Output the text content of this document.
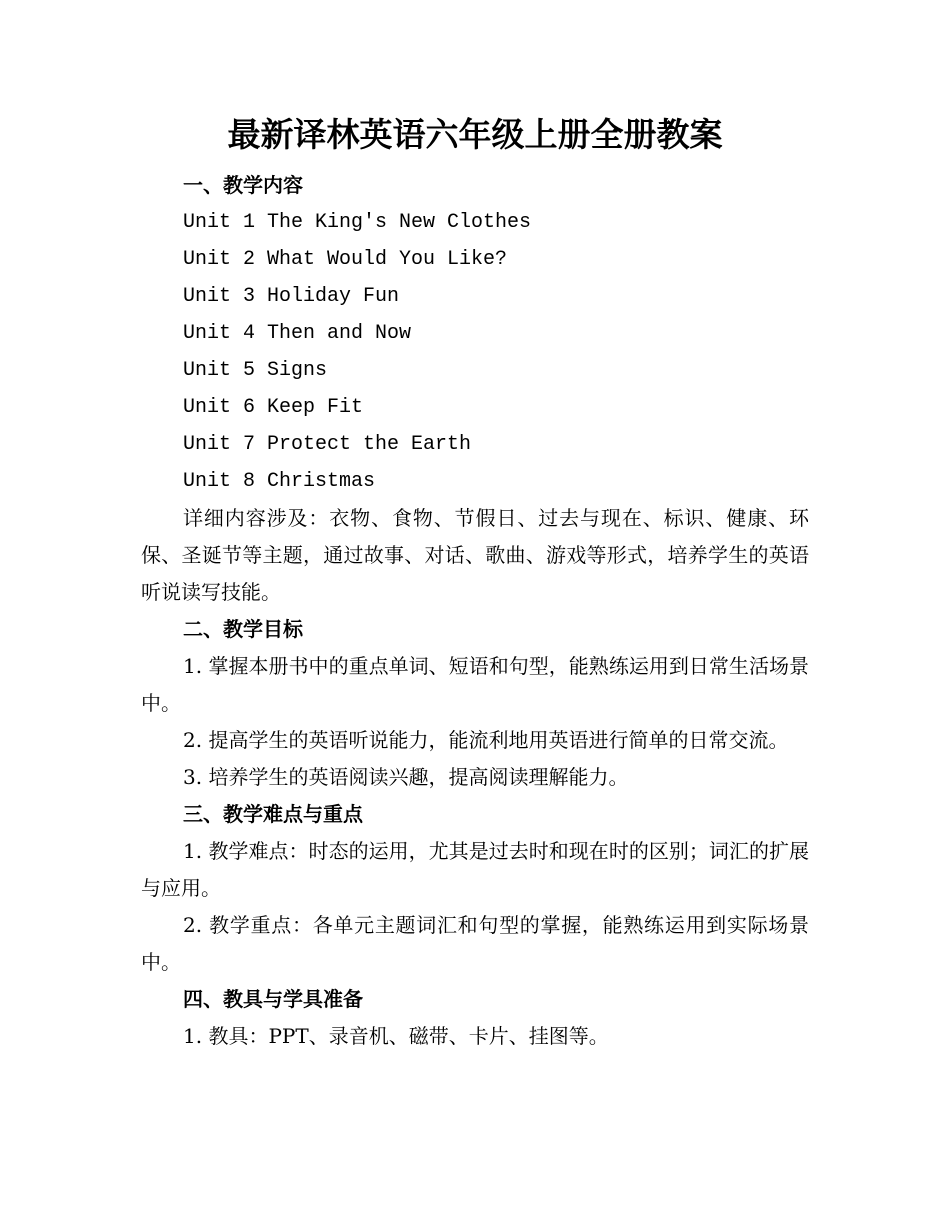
最新译林英语六年级上册全册教案
一、教学内容
Unit 1 The King's New Clothes
Unit 2 What Would You Like?
Unit 3 Holiday Fun
Unit 4 Then and Now
Unit 5 Signs
Unit 6 Keep Fit
Unit 7 Protect the Earth
Unit 8 Christmas
详细内容涉及：衣物、食物、节假日、过去与现在、标识、健康、环保、圣诞节等主题，通过故事、对话、歌曲、游戏等形式，培养学生的英语听说读写技能。
二、教学目标
1. 掌握本册书中的重点单词、短语和句型，能熟练运用到日常生活场景中。
2. 提高学生的英语听说能力，能流利地用英语进行简单的日常交流。
3. 培养学生的英语阅读兴趣，提高阅读理解能力。
三、教学难点与重点
1. 教学难点：时态的运用，尤其是过去时和现在时的区别；词汇的扩展与应用。
2. 教学重点：各单元主题词汇和句型的掌握，能熟练运用到实际场景中。
四、教具与学具准备
1. 教具：PPT、录音机、磁带、卡片、挂图等。
